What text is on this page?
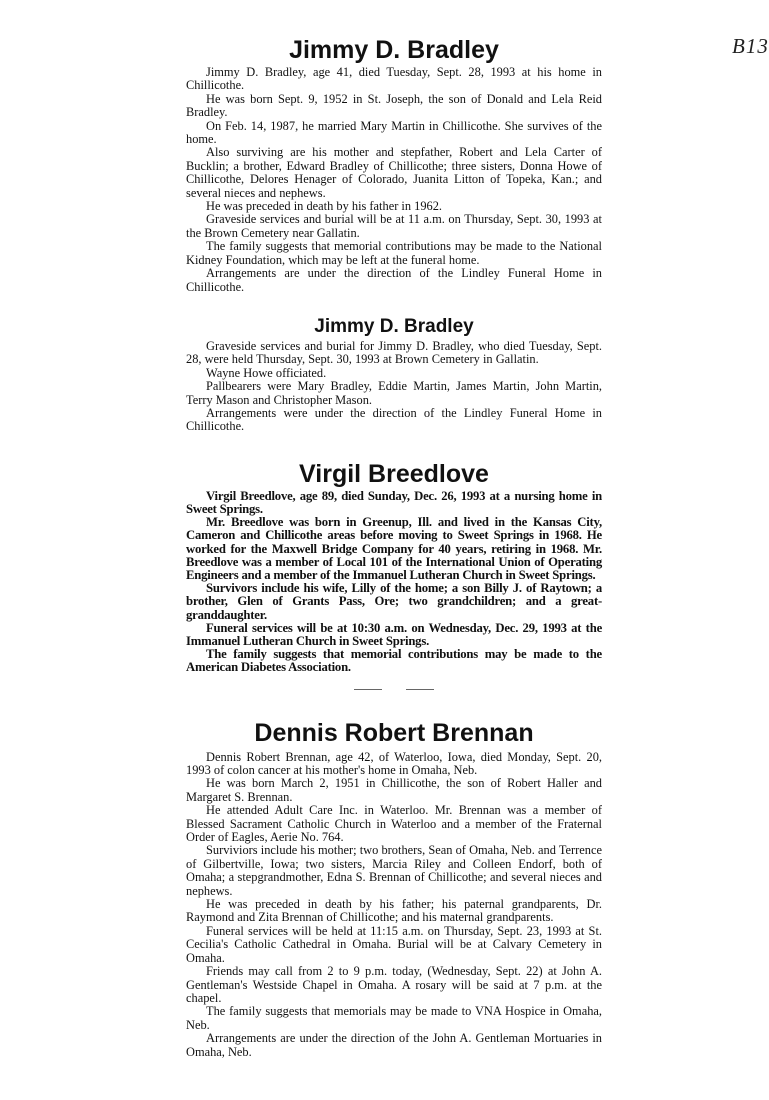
B13
Jimmy D. Bradley

Jimmy D. Bradley, age 41, died Tuesday, Sept. 28, 1993 at his home in Chillicothe.

He was born Sept. 9, 1952 in St. Joseph, the son of Donald and Lela Reid Bradley.

On Feb. 14, 1987, he married Mary Martin in Chillicothe. She survives of the home.

Also surviving are his mother and stepfather, Robert and Lela Carter of Bucklin; a brother, Edward Bradley of Chillicothe; three sisters, Donna Howe of Chillicothe, Delores Henager of Colorado, Juanita Litton of Topeka, Kan.; and several nieces and nephews.

He was preceded in death by his father in 1962.

Graveside services and burial will be at 11 a.m. on Thursday, Sept. 30, 1993 at the Brown Cemetery near Gallatin.

The family suggests that memorial contributions may be made to the National Kidney Foundation, which may be left at the funeral home.

Arrangements are under the direction of the Lindley Funeral Home in Chillicothe.

Jimmy D. Bradley

Graveside services and burial for Jimmy D. Bradley, who died Tuesday, Sept. 28, were held Thursday, Sept. 30, 1993 at Brown Cemetery in Gallatin.

Wayne Howe officiated.

Pallbearers were Mary Bradley, Eddie Martin, James Martin, John Martin, Terry Mason and Christopher Mason.

Arrangements were under the direction of the Lindley Funeral Home in Chillicothe.

Virgil Breedlove

Virgil Breedlove, age 89, died Sunday, Dec. 26, 1993 at a nursing home in Sweet Springs.

Mr. Breedlove was born in Greenup, Ill. and lived in the Kansas City, Cameron and Chillicothe areas before moving to Sweet Springs in 1968. He worked for the Maxwell Bridge Company for 40 years, retiring in 1968. Mr. Breedlove was a member of Local 101 of the International Union of Operating Engineers and a member of the Immanuel Lutheran Church in Sweet Springs.

Survivors include his wife, Lilly of the home; a son Billy J. of Raytown; a brother, Glen of Grants Pass, Ore; two grandchildren; and a great-granddaughter.

Funeral services will be at 10:30 a.m. on Wednesday, Dec. 29, 1993 at the Immanuel Lutheran Church in Sweet Springs.

The family suggests that memorial contributions may be made to the American Diabetes Association.

Dennis Robert Brennan

Dennis Robert Brennan, age 42, of Waterloo, Iowa, died Monday, Sept. 20, 1993 of colon cancer at his mother's home in Omaha, Neb.

He was born March 2, 1951 in Chillicothe, the son of Robert Haller and Margaret S. Brennan.

He attended Adult Care Inc. in Waterloo. Mr. Brennan was a member of Blessed Sacrament Catholic Church in Waterloo and a member of the Fraternal Order of Eagles, Aerie No. 764.

Surviviors include his mother; two brothers, Sean of Omaha, Neb. and Terrence of Gilbertville, Iowa; two sisters, Marcia Riley and Colleen Endorf, both of Omaha; a stepgrandmother, Edna S. Brennan of Chillicothe; and several nieces and nephews.

He was preceded in death by his father; his paternal grandparents, Dr. Raymond and Zita Brennan of Chillicothe; and his maternal grandparents.

Funeral services will be held at 11:15 a.m. on Thursday, Sept. 23, 1993 at St. Cecilia's Catholic Cathedral in Omaha. Burial will be at Calvary Cemetery in Omaha.

Friends may call from 2 to 9 p.m. today, (Wednesday, Sept. 22) at John A. Gentleman's Westside Chapel in Omaha. A rosary will be said at 7 p.m. at the chapel.

The family suggests that memorials may be made to VNA Hospice in Omaha, Neb.

Arrangements are under the direction of the John A. Gentleman Mortuaries in Omaha, Neb.
